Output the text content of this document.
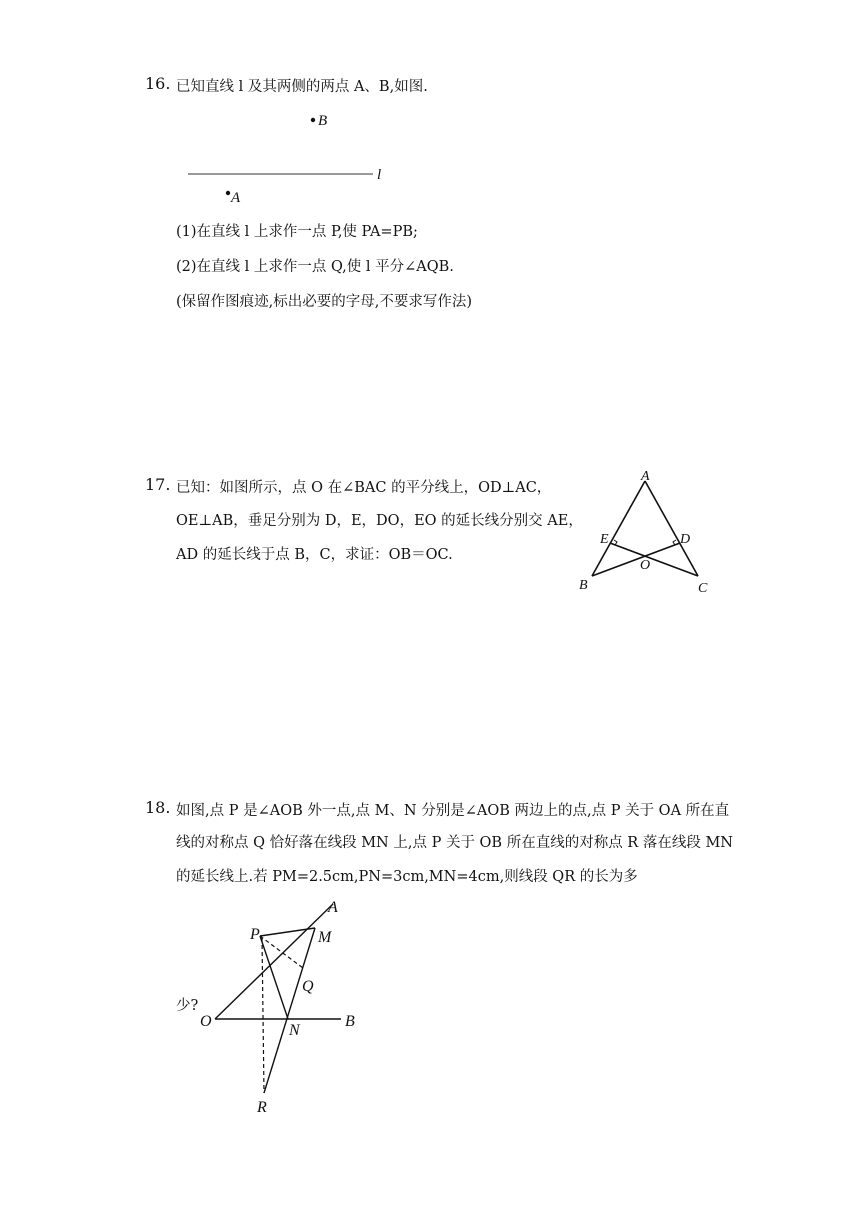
16. 已知直线 l 及其两侧的两点 A、B,如图.
B
l
A
(1)在直线 l 上求作一点 P,使 PA=PB;
(2)在直线 l 上求作一点 Q,使 l 平分∠AQB.
(保留作图痕迹,标出必要的字母,不要求写作法)
17. 已知：如图所示，点 O 在∠BAC 的平分线上，OD⊥AC，
OE⊥AB，垂足分别为 D，E，DO，EO 的延长线分别交 AE，
AD 的延长线于点 B，C，求证：OB＝OC.
A
E	D
O
B	C
18. 如图,点 P 是∠AOB 外一点,点 M、N 分别是∠AOB 两边上的点,点 P 关于 OA 所在直
线的对称点 Q 恰好落在线段 MN 上,点 P 关于 OB 所在直线的对称点 R 落在线段 MN
的延长线上.若 PM=2.5cm,PN=3cm,MN=4cm,则线段 QR 的长为多
少?
A
P	M
Q
O
N
B
R
